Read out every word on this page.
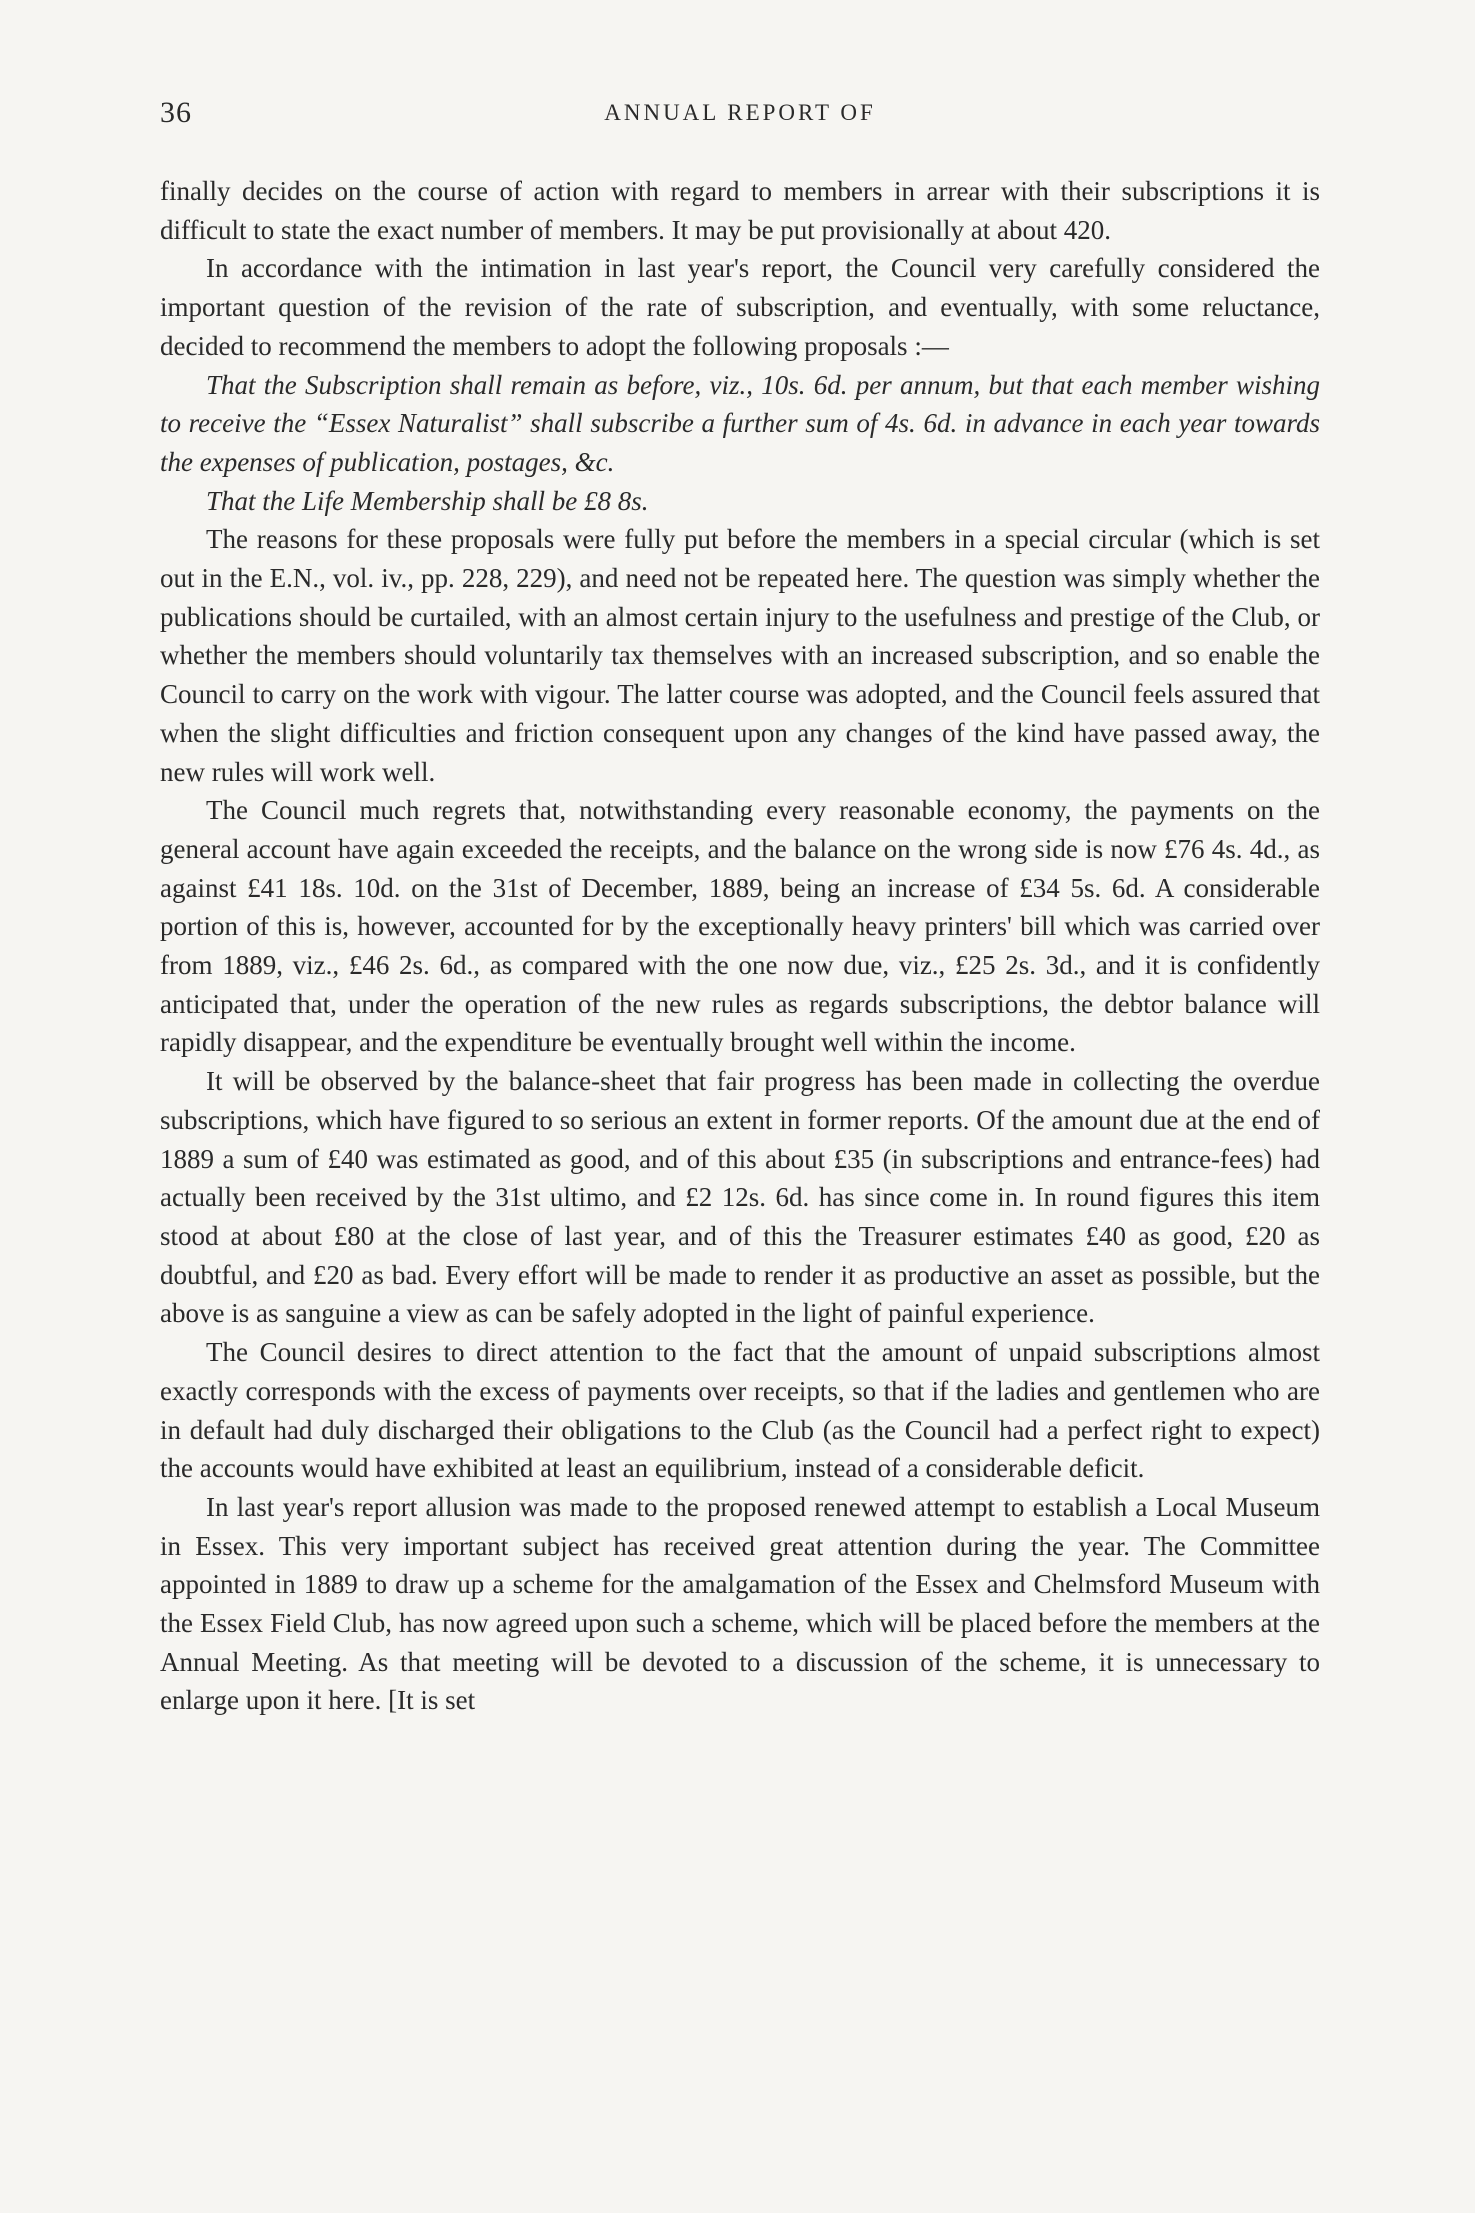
36	ANNUAL REPORT OF

finally decides on the course of action with regard to members in arrear with their subscriptions it is difficult to state the exact number of members. It may be put provisionally at about 420.

In accordance with the intimation in last year's report, the Council very carefully considered the important question of the revision of the rate of subscription, and eventually, with some reluctance, decided to recommend the members to adopt the following proposals :—

That the Subscription shall remain as before, viz., 10s. 6d. per annum, but that each member wishing to receive the “Essex Naturalist” shall subscribe a further sum of 4s. 6d. in advance in each year towards the expenses of publication, postages, &c.

That the Life Membership shall be £8 8s.

The reasons for these proposals were fully put before the members in a special circular (which is set out in the E.N., vol. iv., pp. 228, 229), and need not be repeated here. The question was simply whether the publications should be curtailed, with an almost certain injury to the usefulness and prestige of the Club, or whether the members should voluntarily tax themselves with an increased subscription, and so enable the Council to carry on the work with vigour. The latter course was adopted, and the Council feels assured that when the slight difficulties and friction consequent upon any changes of the kind have passed away, the new rules will work well.

The Council much regrets that, notwithstanding every reasonable economy, the payments on the general account have again exceeded the receipts, and the balance on the wrong side is now £76 4s. 4d., as against £41 18s. 10d. on the 31st of December, 1889, being an increase of £34 5s. 6d. A considerable portion of this is, however, accounted for by the exceptionally heavy printers' bill which was carried over from 1889, viz., £46 2s. 6d., as compared with the one now due, viz., £25 2s. 3d., and it is confidently anticipated that, under the operation of the new rules as regards subscriptions, the debtor balance will rapidly disappear, and the expenditure be eventually brought well within the income.

It will be observed by the balance-sheet that fair progress has been made in collecting the overdue subscriptions, which have figured to so serious an extent in former reports. Of the amount due at the end of 1889 a sum of £40 was estimated as good, and of this about £35 (in subscriptions and entrance-fees) had actually been received by the 31st ultimo, and £2 12s. 6d. has since come in. In round figures this item stood at about £80 at the close of last year, and of this the Treasurer estimates £40 as good, £20 as doubtful, and £20 as bad. Every effort will be made to render it as productive an asset as possible, but the above is as sanguine a view as can be safely adopted in the light of painful experience.

The Council desires to direct attention to the fact that the amount of unpaid subscriptions almost exactly corresponds with the excess of payments over receipts, so that if the ladies and gentlemen who are in default had duly discharged their obligations to the Club (as the Council had a perfect right to expect) the accounts would have exhibited at least an equilibrium, instead of a considerable deficit.

In last year's report allusion was made to the proposed renewed attempt to establish a Local Museum in Essex. This very important subject has received great attention during the year. The Committee appointed in 1889 to draw up a scheme for the amalgamation of the Essex and Chelmsford Museum with the Essex Field Club, has now agreed upon such a scheme, which will be placed before the members at the Annual Meeting. As that meeting will be devoted to a discussion of the scheme, it is unnecessary to enlarge upon it here. [It is set
